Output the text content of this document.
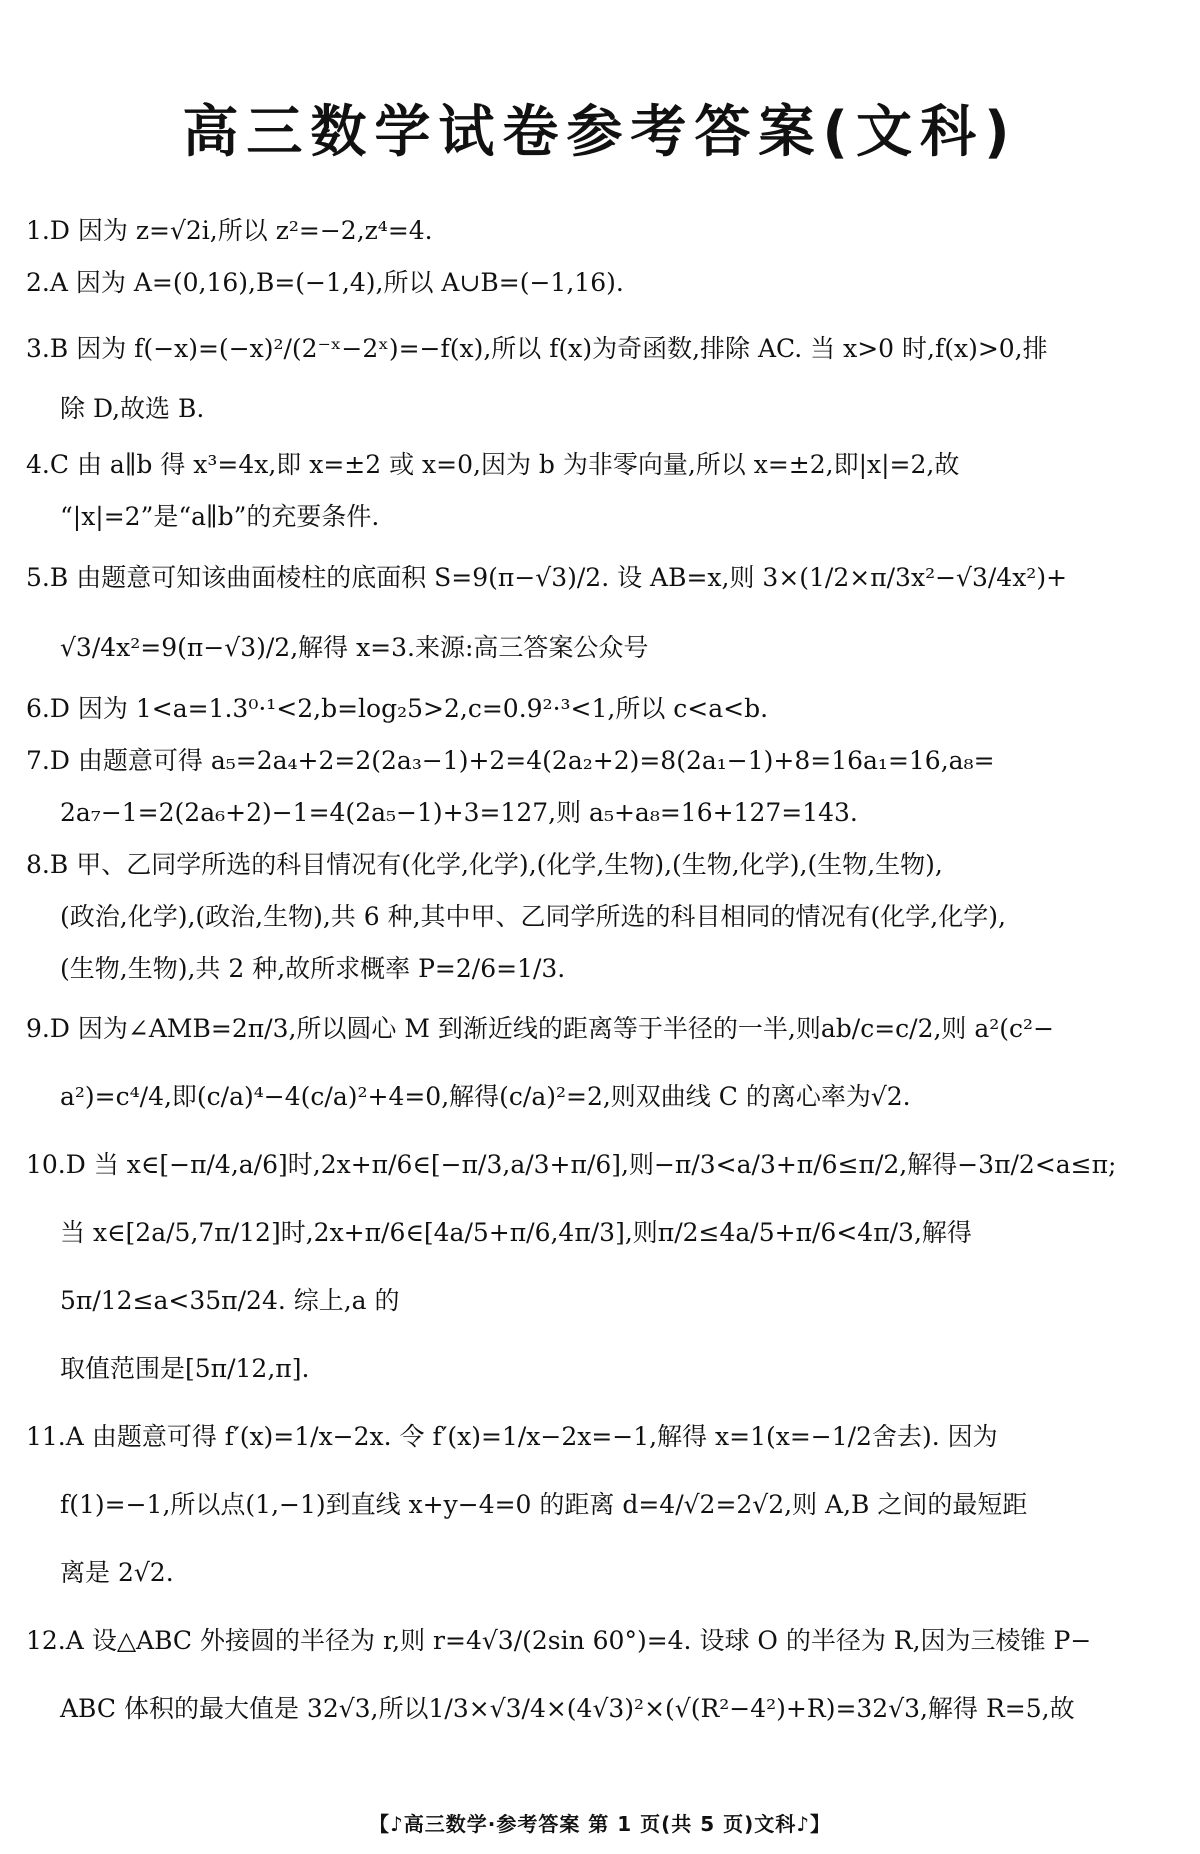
高三数学试卷参考答案(文科)
1.D 因为 z=√2i,所以 z²=−2,z⁴=4.
2.A 因为 A=(0,16),B=(−1,4),所以 A∪B=(−1,16).
3.B 因为 f(−x)=(−x)²/(2⁻ˣ−2ˣ)=−f(x),所以 f(x)为奇函数,排除 AC. 当 x>0 时,f(x)>0,排
除 D,故选 B.
4.C 由 a∥b 得 x³=4x,即 x=±2 或 x=0,因为 b 为非零向量,所以 x=±2,即|x|=2,故
“|x|=2”是“a∥b”的充要条件.
5.B 由题意可知该曲面棱柱的底面积 S=9(π−√3)/2. 设 AB=x,则 3×(1/2×π/3x²−√3/4x²)+
√3/4x²=9(π−√3)/2,解得 x=3.来源:高三答案公众号
6.D 因为 1<a=1.3⁰·¹<2,b=log₂5>2,c=0.9²·³<1,所以 c<a<b.
7.D 由题意可得 a₅=2a₄+2=2(2a₃−1)+2=4(2a₂+2)=8(2a₁−1)+8=16a₁=16,a₈=
2a₇−1=2(2a₆+2)−1=4(2a₅−1)+3=127,则 a₅+a₈=16+127=143.
8.B 甲、乙同学所选的科目情况有(化学,化学),(化学,生物),(生物,化学),(生物,生物),
(政治,化学),(政治,生物),共 6 种,其中甲、乙同学所选的科目相同的情况有(化学,化学),
(生物,生物),共 2 种,故所求概率 P=2/6=1/3.
9.D 因为∠AMB=2π/3,所以圆心 M 到渐近线的距离等于半径的一半,则ab/c=c/2,则 a²(c²−
a²)=c⁴/4,即(c/a)⁴−4(c/a)²+4=0,解得(c/a)²=2,则双曲线 C 的离心率为√2.
10.D 当 x∈[−π/4,a/6]时,2x+π/6∈[−π/3,a/3+π/6],则−π/3<a/3+π/6≤π/2,解得−3π/2<a≤π;
当 x∈[2a/5,7π/12]时,2x+π/6∈[4a/5+π/6,4π/3],则π/2≤4a/5+π/6<4π/3,解得5π/12≤a<35π/24. 综上,a 的
取值范围是[5π/12,π].
11.A 由题意可得 f′(x)=1/x−2x. 令 f′(x)=1/x−2x=−1,解得 x=1(x=−1/2舍去). 因为
f(1)=−1,所以点(1,−1)到直线 x+y−4=0 的距离 d=4/√2=2√2,则 A,B 之间的最短距
离是 2√2.
12.A 设△ABC 外接圆的半径为 r,则 r=4√3/(2sin 60°)=4. 设球 O 的半径为 R,因为三棱锥 P−
ABC 体积的最大值是 32√3,所以1/3×√3/4×(4√3)²×(√(R²−4²)+R)=32√3,解得 R=5,故
【♪高三数学·参考答案 第 1 页(共 5 页)文科♪】
